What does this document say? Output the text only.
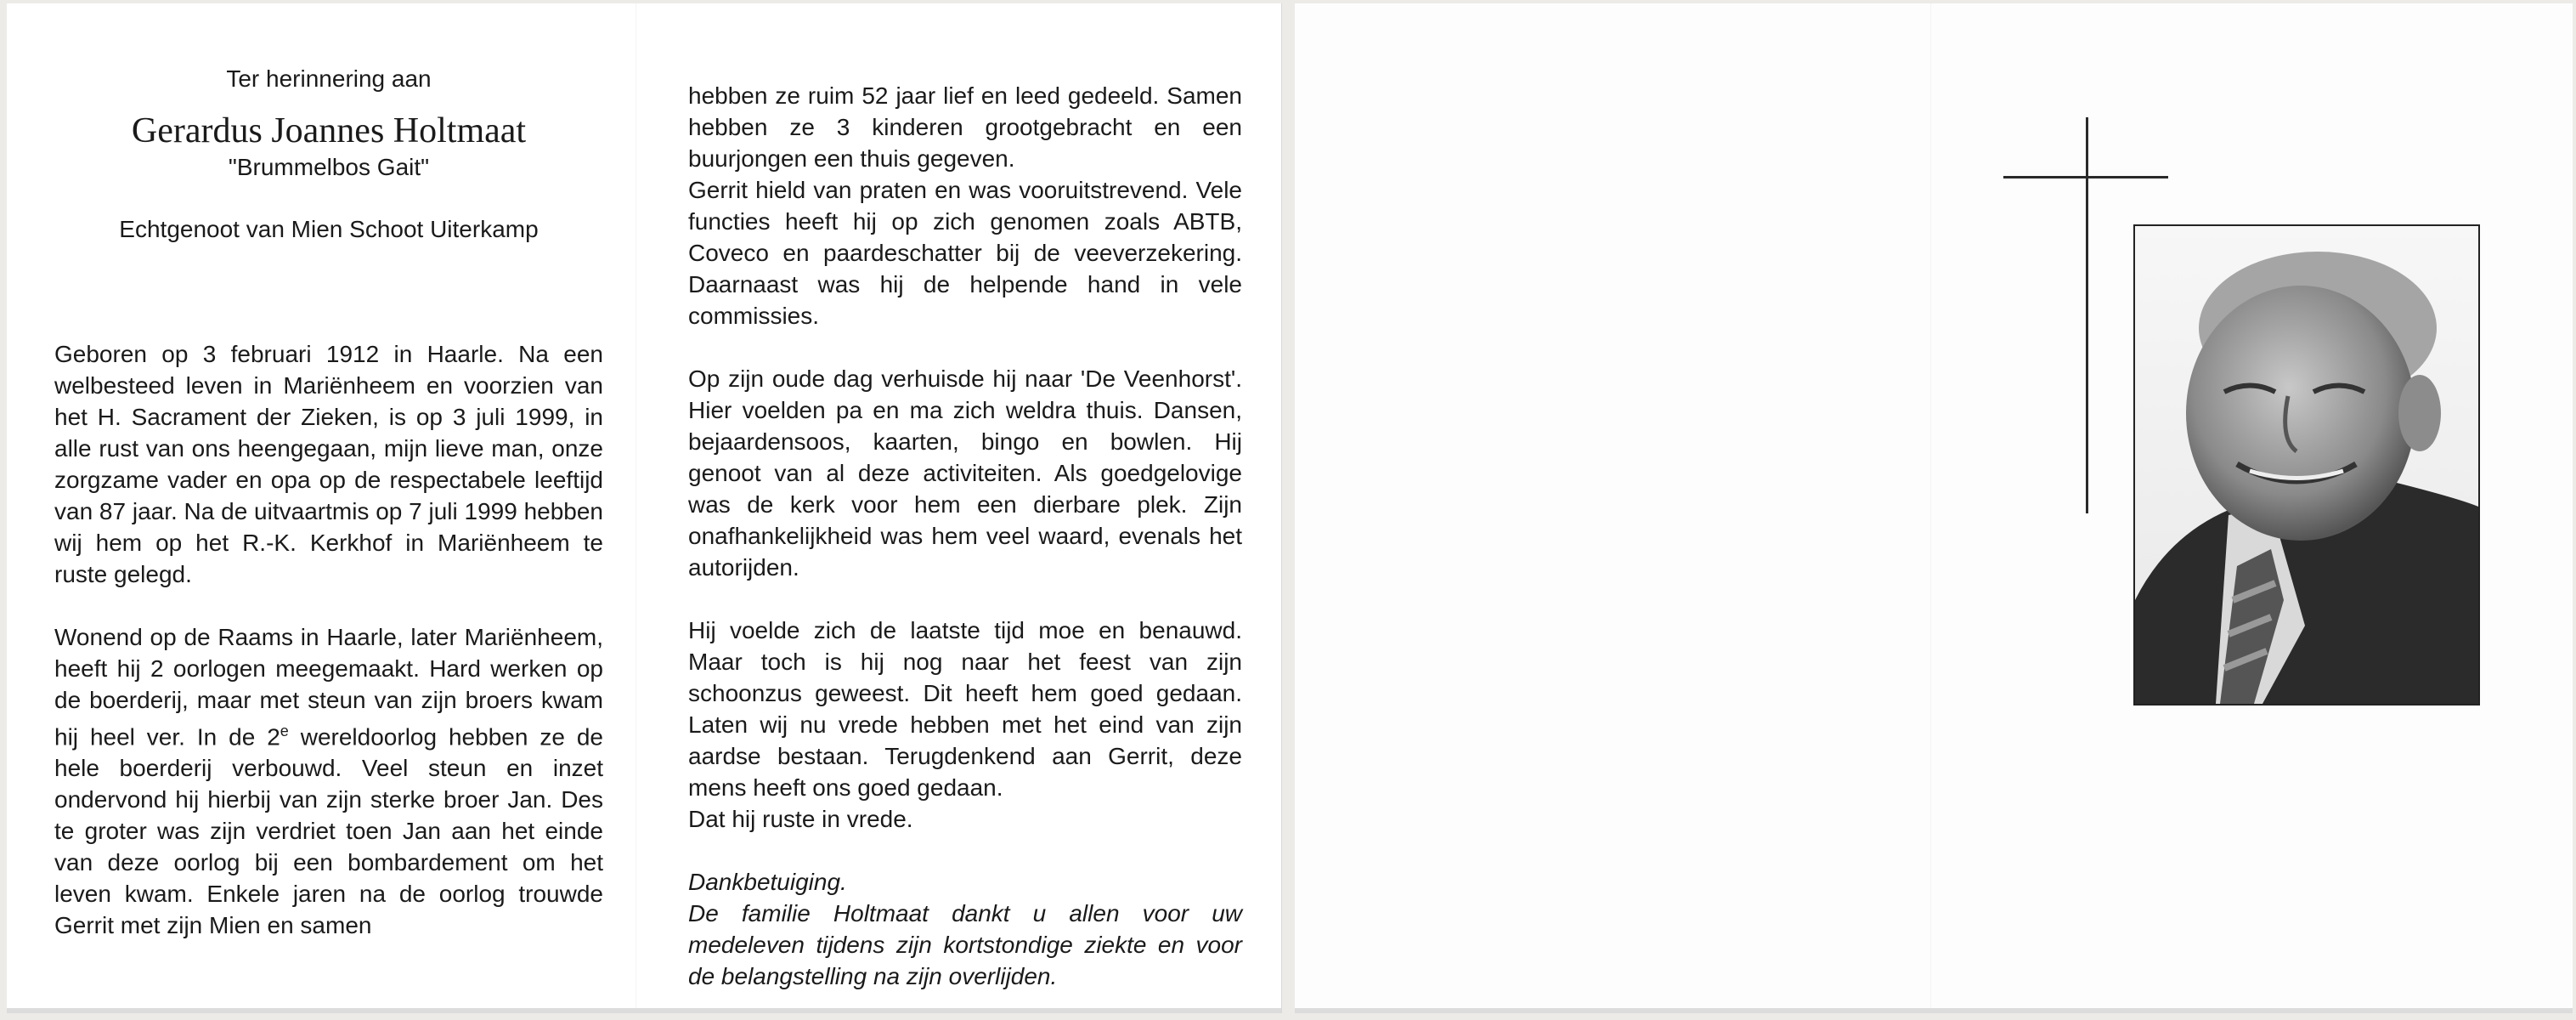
Ter herinnering aan

Gerardus Joannes Holtmaat

"Brummelbos Gait"

Echtgenoot van Mien Schoot Uiterkamp

Geboren op 3 februari 1912 in Haarle. Na een welbesteed leven in Mariënheem en voorzien van het H. Sacrament der Zieken, is op 3 juli 1999, in alle rust van ons heengegaan, mijn lieve man, onze zorgzame vader en opa op de respectabele leeftijd van 87 jaar. Na de uitvaartmis op 7 juli 1999 hebben wij hem op het R.-K. Kerkhof in Mariënheem te ruste gelegd.

Wonend op de Raams in Haarle, later Mariënheem, heeft hij 2 oorlogen meegemaakt. Hard werken op de boerderij, maar met steun van zijn broers kwam hij heel ver. In de 2e wereldoorlog hebben ze de hele boerderij verbouwd. Veel steun en inzet ondervond hij hierbij van zijn sterke broer Jan. Des te groter was zijn verdriet toen Jan aan het einde van deze oorlog bij een bombardement om het leven kwam. Enkele jaren na de oorlog trouwde Gerrit met zijn Mien en samen

hebben ze ruim 52 jaar lief en leed gedeeld. Samen hebben ze 3 kinderen grootgebracht en een buurjongen een thuis gegeven.

Gerrit hield van praten en was vooruitstrevend. Vele functies heeft hij op zich genomen zoals ABTB, Coveco en paardeschatter bij de veeverzekering. Daarnaast was hij de helpende hand in vele commissies.

Op zijn oude dag verhuisde hij naar 'De Veenhorst'. Hier voelden pa en ma zich weldra thuis. Dansen, bejaardensoos, kaarten, bingo en bowlen. Hij genoot van al deze activiteiten. Als goedgelovige was de kerk voor hem een dierbare plek. Zijn onafhankelijkheid was hem veel waard, evenals het autorijden.

Hij voelde zich de laatste tijd moe en benauwd. Maar toch is hij nog naar het feest van zijn schoonzus geweest. Dit heeft hem goed gedaan. Laten wij nu vrede hebben met het eind van zijn aardse bestaan. Terugdenkend aan Gerrit, deze mens heeft ons goed gedaan.

Dat hij ruste in vrede.

Dankbetuiging.

De familie Holtmaat dankt u allen voor uw medeleven tijdens zijn kortstondige ziekte en voor de belangstelling na zijn overlijden.
